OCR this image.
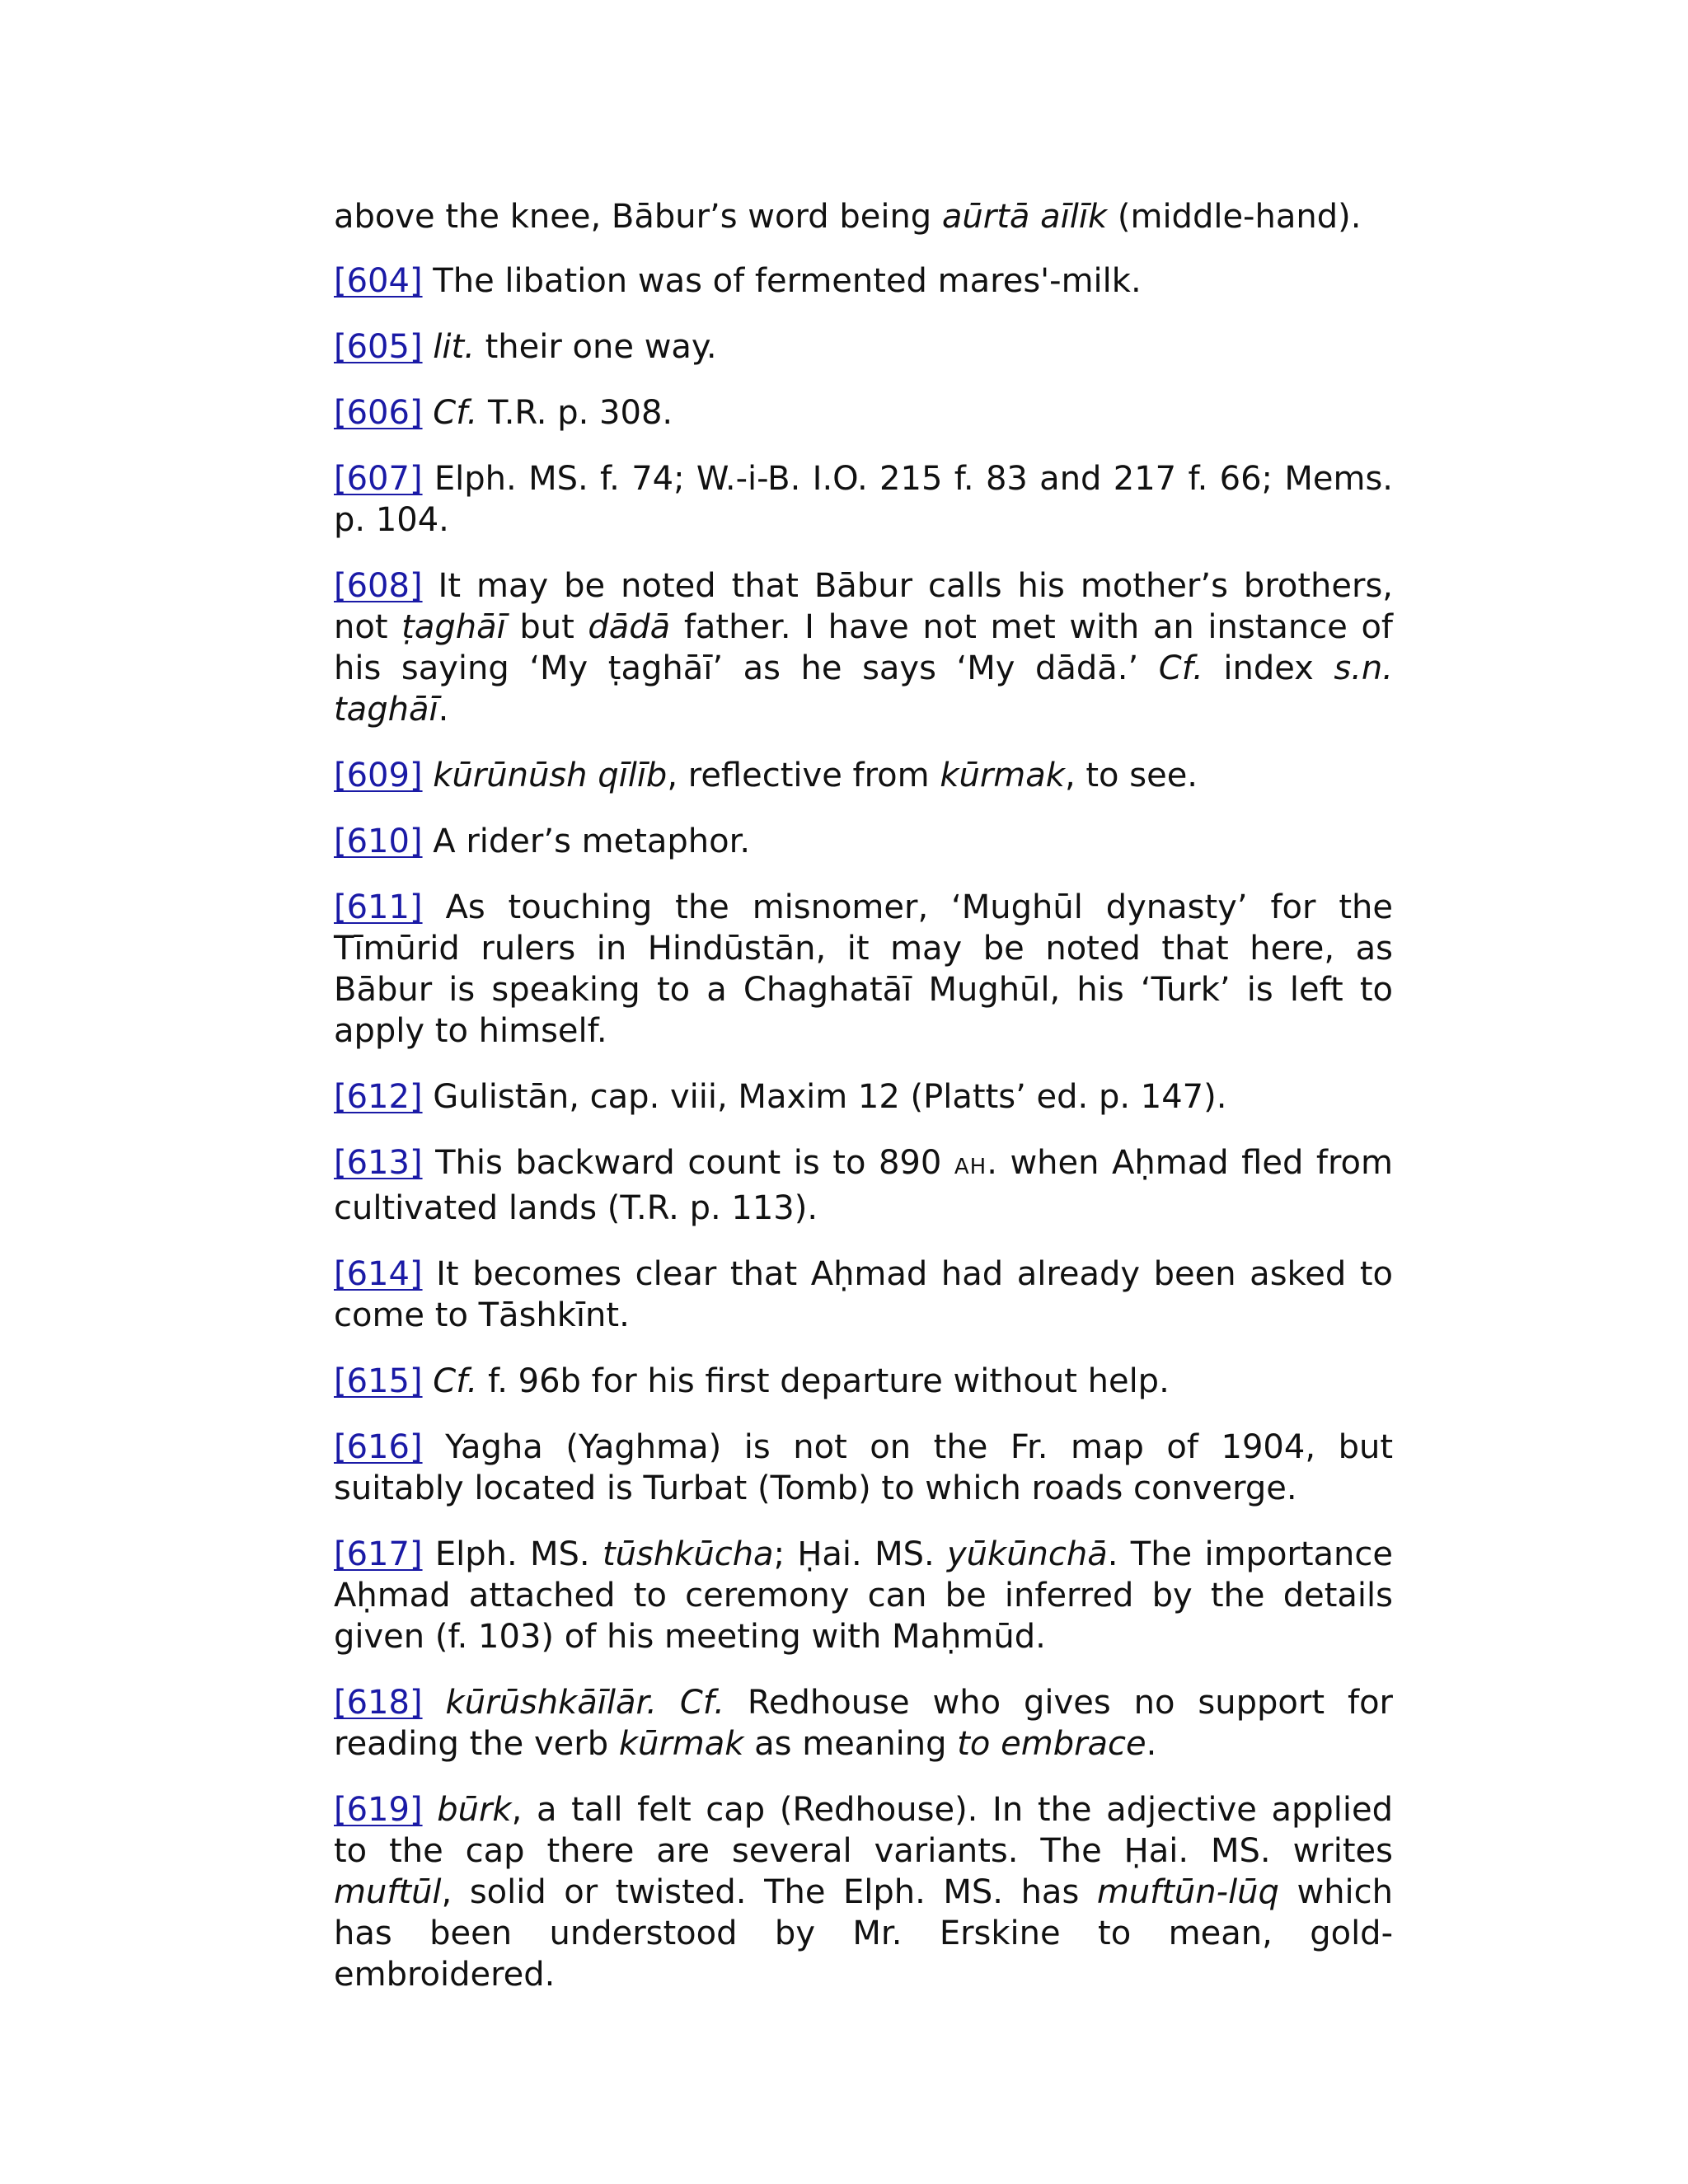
above the knee, Bābur’s word being aūrtā aīlīk (middle-hand).

[604] The libation was of fermented mares'-milk.

[605] lit. their one way.

[606] Cf. T.R. p. 308.

[607] Elph. MS. f. 74; W.-i-B. I.O. 215 f. 83 and 217 f. 66; Mems. p. 104.

[608] It may be noted that Bābur calls his mother’s brothers, not ṭaghāī but dādā father. I have not met with an instance of his saying ‘My ṭaghāī’ as he says ‘My dādā.’ Cf. index s.n. taghāī.

[609] kūrūnūsh qīlīb, reflective from kūrmak, to see.

[610] A rider’s metaphor.

[611] As touching the misnomer, ‘Mughūl dynasty’ for the Tīmūrid rulers in Hindūstān, it may be noted that here, as Bābur is speaking to a Chaghatāī Mughūl, his ‘Turk’ is left to apply to himself.

[612] Gulistān, cap. viii, Maxim 12 (Platts’ ed. p. 147).

[613] This backward count is to 890 AH. when Aḥmad fled from cultivated lands (T.R. p. 113).

[614] It becomes clear that Aḥmad had already been asked to come to Tāshkīnt.

[615] Cf. f. 96b for his first departure without help.

[616] Yagha (Yaghma) is not on the Fr. map of 1904, but suitably located is Turbat (Tomb) to which roads converge.

[617] Elph. MS. tūshkūcha; Ḥai. MS. yūkūnchā. The importance Aḥmad attached to ceremony can be inferred by the details given (f. 103) of his meeting with Maḥmūd.

[618] kūrūshkāīlār. Cf. Redhouse who gives no support for reading the verb kūrmak as meaning to embrace.

[619] būrk, a tall felt cap (Redhouse). In the adjective applied to the cap there are several variants. The Ḥai. MS. writes muftūl, solid or twisted. The Elph. MS. has muftūn-lūq which has been understood by Mr. Erskine to mean, gold-embroidered.
